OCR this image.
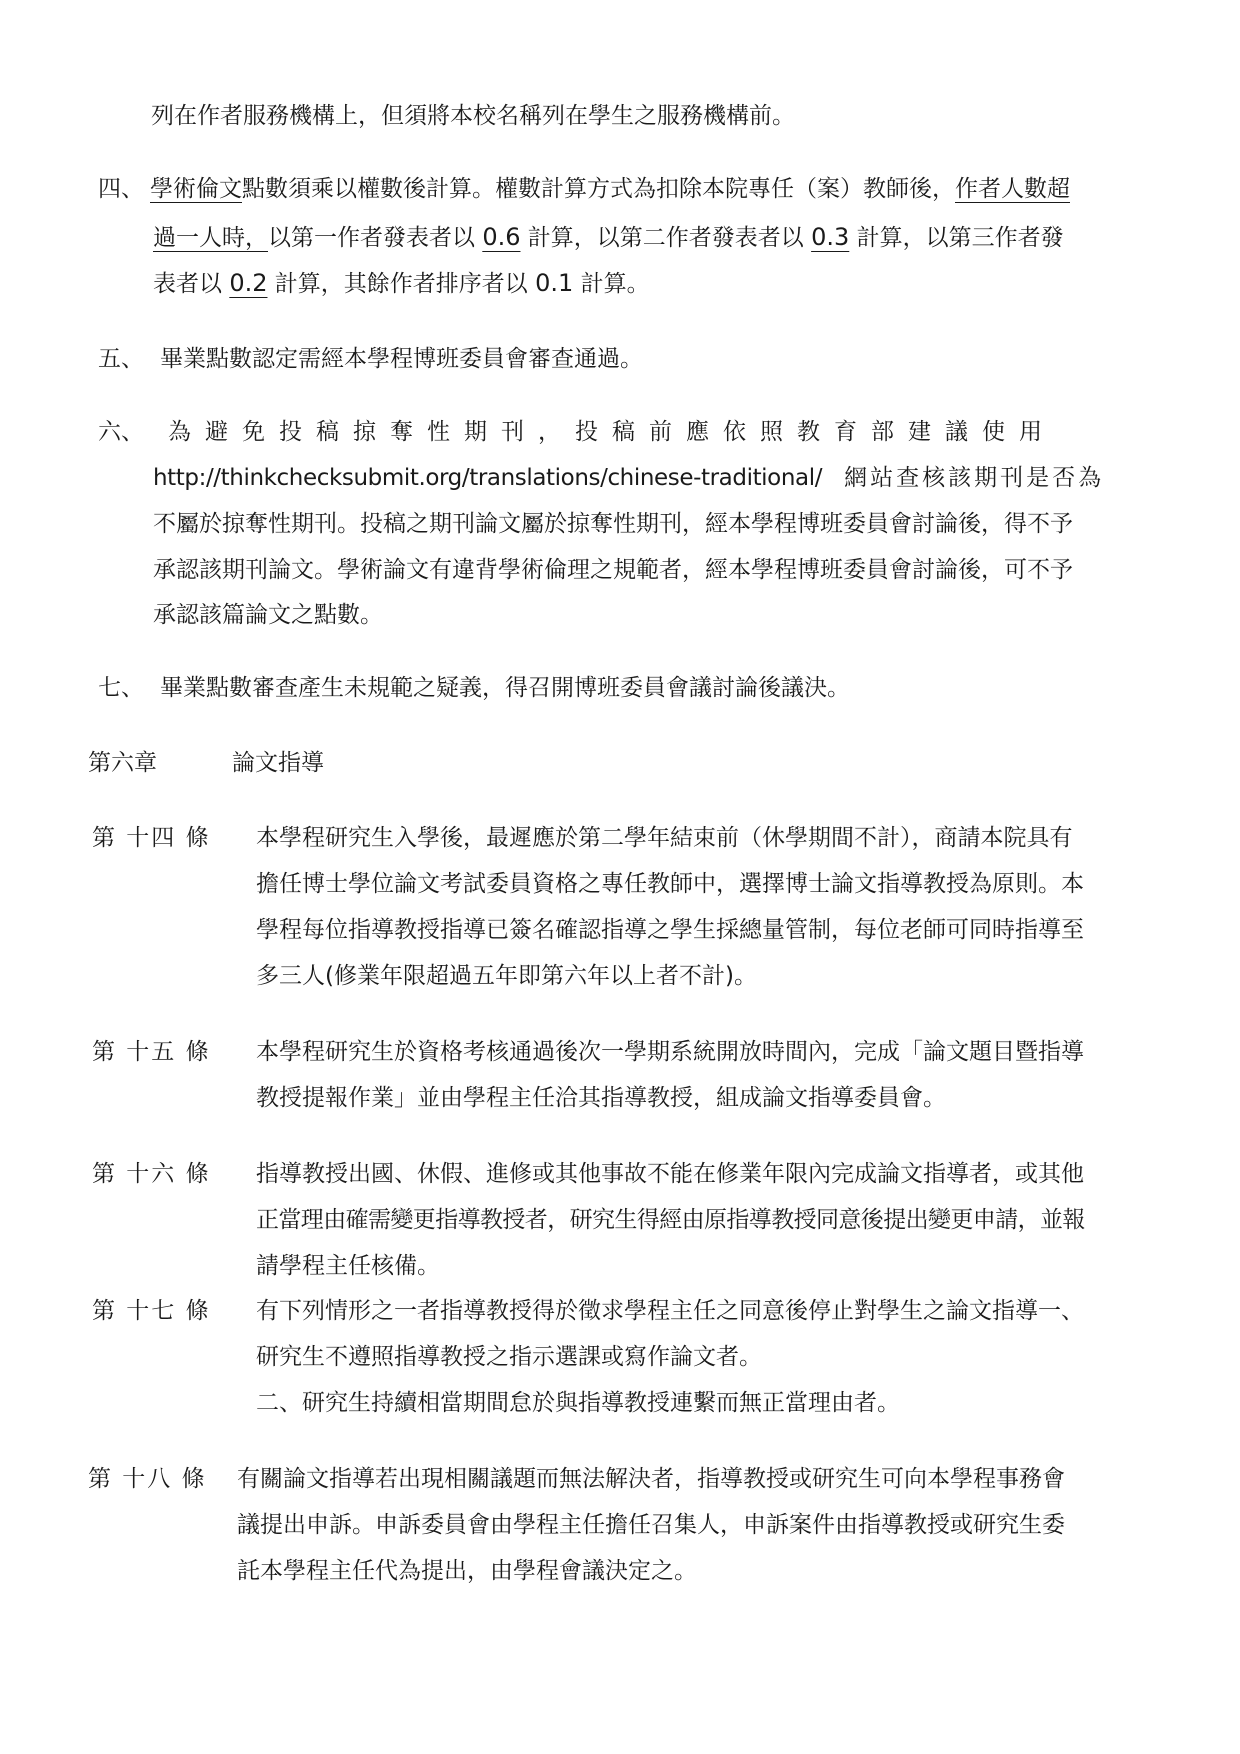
列在作者服務機構上，但須將本校名稱列在學生之服務機構前。
四、 學術倫文點數須乘以權數後計算。權數計算方式為扣除本院專任（案）教師後，作者人數超
過一人時，以第一作者發表者以 0.6 計算，以第二作者發表者以 0.3 計算，以第三作者發
表者以 0.2 計算，其餘作者排序者以 0.1 計算。
五、 畢業點數認定需經本學程博班委員會審查通過。
六、 為避免投稿掠奪性期刊，投稿前應依照教育部建議使用
http://thinkchecksubmit.org/translations/chinese-traditional/ 網站查核該期刊是否為
不屬於掠奪性期刊。投稿之期刊論文屬於掠奪性期刊，經本學程博班委員會討論後，得不予
承認該期刊論文。學術論文有違背學術倫理之規範者，經本學程博班委員會討論後，可不予
承認該篇論文之點數。
七、 畢業點數審查產生未規範之疑義，得召開博班委員會議討論後議決。
第六章	論文指導
第 十四 條 本學程研究生入學後，最遲應於第二學年結束前（休學期間不計），商請本院具有
擔任博士學位論文考試委員資格之專任教師中，選擇博士論文指導教授為原則。本
學程每位指導教授指導已簽名確認指導之學生採總量管制，每位老師可同時指導至
多三人(修業年限超過五年即第六年以上者不計)。
第 十五 條 本學程研究生於資格考核通過後次一學期系統開放時間內，完成「論文題目暨指導
教授提報作業」並由學程主任洽其指導教授，組成論文指導委員會。
第 十六 條 指導教授出國、休假、進修或其他事故不能在修業年限內完成論文指導者，或其他
正當理由確需變更指導教授者，研究生得經由原指導教授同意後提出變更申請，並報
請學程主任核備。
第 十七 條 有下列情形之一者指導教授得於徵求學程主任之同意後停止對學生之論文指導一、
研究生不遵照指導教授之指示選課或寫作論文者。
二、研究生持續相當期間怠於與指導教授連繫而無正當理由者。
第 十八 條 有關論文指導若出現相關議題而無法解決者，指導教授或研究生可向本學程事務會
議提出申訴。申訴委員會由學程主任擔任召集人，申訴案件由指導教授或研究生委
託本學程主任代為提出，由學程會議決定之。
